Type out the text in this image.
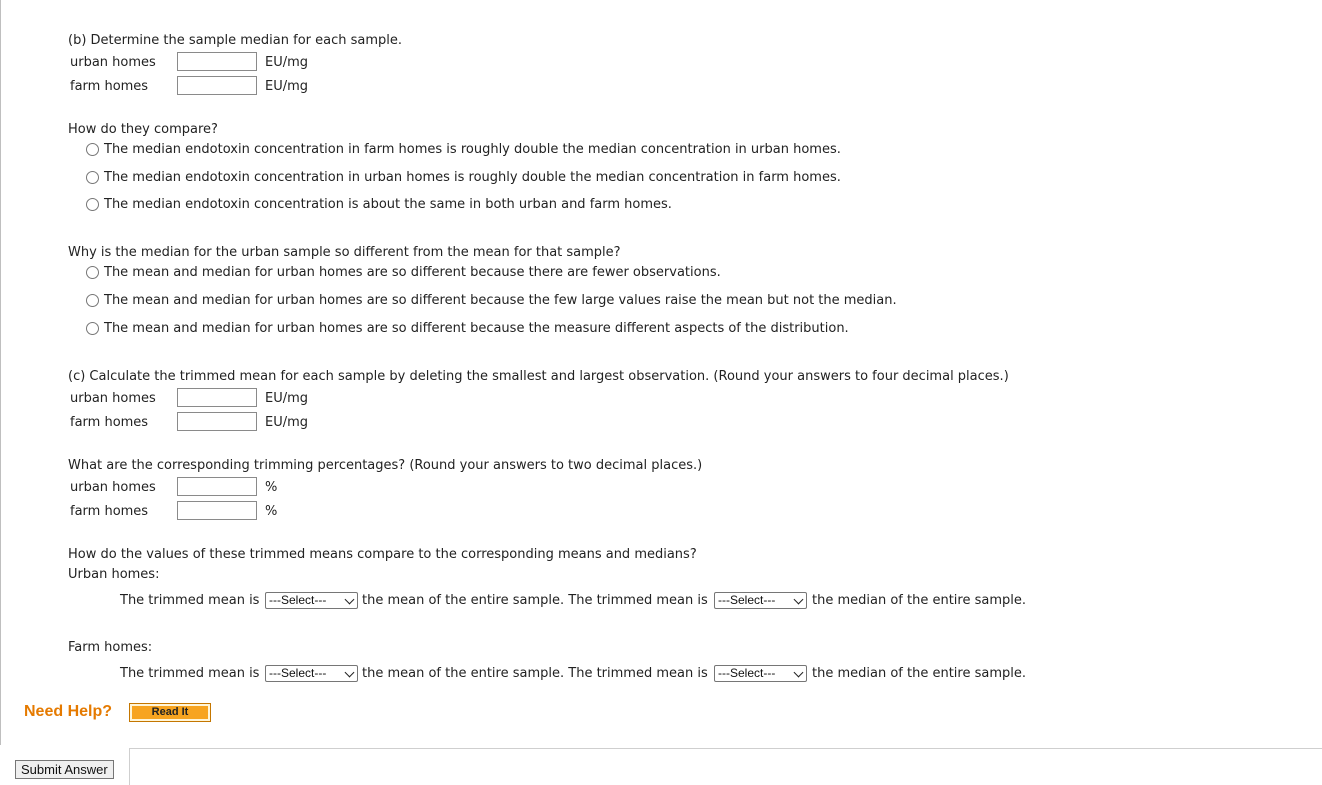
(b) Determine the sample median for each sample.
urban homes	EU/mg
farm homes	EU/mg
How do they compare?
The median endotoxin concentration in farm homes is roughly double the median concentration in urban homes.
The median endotoxin concentration in urban homes is roughly double the median concentration in farm homes.
The median endotoxin concentration is about the same in both urban and farm homes.
Why is the median for the urban sample so different from the mean for that sample?
The mean and median for urban homes are so different because there are fewer observations.
The mean and median for urban homes are so different because the few large values raise the mean but not the median.
The mean and median for urban homes are so different because the measure different aspects of the distribution.
(c) Calculate the trimmed mean for each sample by deleting the smallest and largest observation. (Round your answers to four decimal places.)
urban homes	EU/mg
farm homes	EU/mg
What are the corresponding trimming percentages? (Round your answers to two decimal places.)
urban homes	%
farm homes	%
How do the values of these trimmed means compare to the corresponding means and medians?
Urban homes:
The trimmed mean is ---Select---	the mean of the entire sample. The trimmed mean is ---Select---	the median of the entire sample.
Farm homes:
The trimmed mean is ---Select---	the mean of the entire sample. The trimmed mean is ---Select---	the median of the entire sample.
Need Help?	Read It
Submit Answer
